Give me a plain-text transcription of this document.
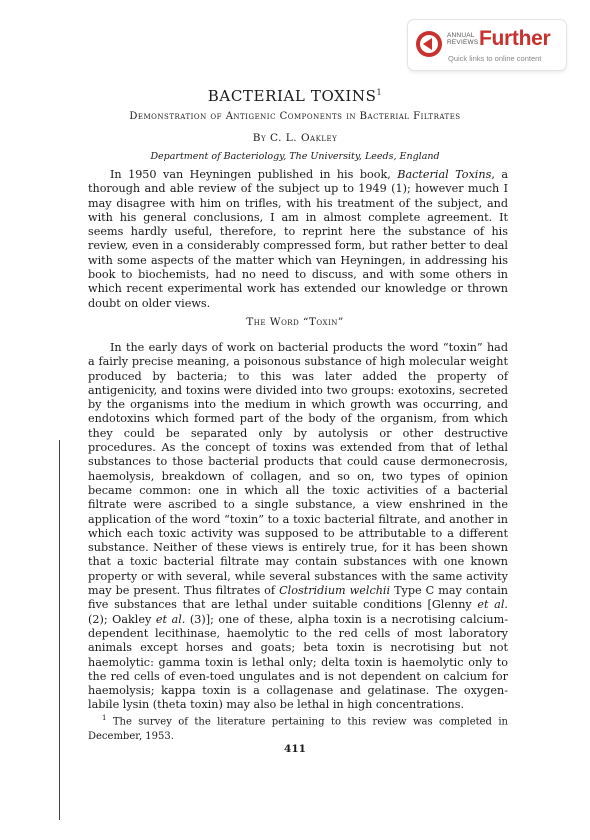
ANNUAL
REVIEWS Further
Quick links to online content
BACTERIAL TOXINS$^1$
Demonstration of Antigenic Components in Bacterial Filtrates
By C. L. Oakley
Department of Bacteriology, The University, Leeds, England

In 1950 van Heyningen published in his book, Bacterial Toxins, a thorough and able review of the subject up to 1949 (1); however much I may disagree with him on trifles, with his treatment of the subject, and with his general conclusions, I am in almost complete agreement. It seems hardly useful, therefore, to reprint here the substance of his review, even in a considerably compressed form, but rather better to deal with some aspects of the matter which van Heyningen, in addressing his book to biochemists, had no need to discuss, and with some others in which recent experimental work has extended our knowledge or thrown doubt on older views.

The Word “Toxin”

In the early days of work on bacterial products the word “toxin” had a fairly precise meaning, a poisonous substance of high molecular weight produced by bacteria; to this was later added the property of antigenicity, and toxins were divided into two groups: exotoxins, secreted by the organisms into the medium in which growth was occurring, and endotoxins which formed part of the body of the organism, from which they could be separated only by autolysis or other destructive procedures. As the concept of toxins was extended from that of lethal substances to those bacterial products that could cause dermonecrosis, haemolysis, breakdown of collagen, and so on, two types of opinion became common: one in which all the toxic activities of a bacterial filtrate were ascribed to a single substance, a view enshrined in the application of the word “toxin” to a toxic bacterial filtrate, and another in which each toxic activity was supposed to be attributable to a different substance. Neither of these views is entirely true, for it has been shown that a toxic bacterial filtrate may contain substances with one known property or with several, while several substances with the same activity may be present. Thus filtrates of Clostridium welchii Type C may contain five substances that are lethal under suitable conditions [Glenny et al. (2); Oakley et al. (3)]; one of these, alpha toxin is a necrotising calcium-dependent lecithinase, haemolytic to the red cells of most laboratory animals except horses and goats; beta toxin is necrotising but not haemolytic: gamma toxin is lethal only; delta toxin is haemolytic only to the red cells of even-toed ungulates and is not dependent on calcium for haemolysis; kappa toxin is a collagenase and gelatinase. The oxygen-labile lysin (theta toxin) may also be lethal in high concentrations.

$^1$ The survey of the literature pertaining to this review was completed in December, 1953.

411
